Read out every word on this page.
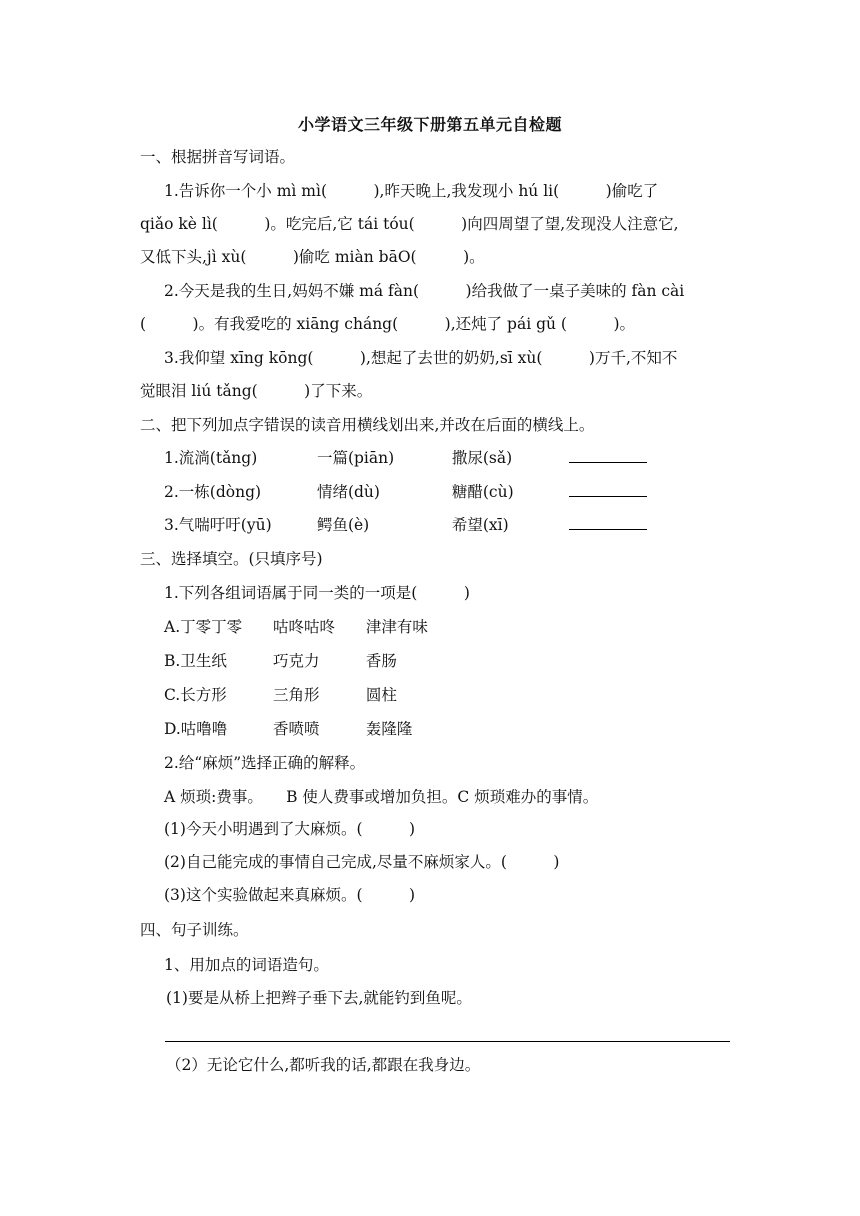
小学语文三年级下册第五单元自检题
一、根据拼音写词语。
1.告诉你一个小 mì mì(　　　),昨天晚上,我发现小 hú li(　　　)偷吃了
qiǎo kè lì(　　　)。吃完后,它 tái tóu(　　　)向四周望了望,发现没人注意它,
又低下头,jì xù(　　　)偷吃 miàn bāO(　　　)。
2.今天是我的生日,妈妈不嫌 má fàn(　　　)给我做了一桌子美味的 fàn cài
(　　　)。有我爱吃的 xiāng cháng(　　　),还炖了 pái gǔ (　　　)。
3.我仰望 xīng kōng(　　　),想起了去世的奶奶,sī xù(　　　)万千,不知不
觉眼泪 liú tǎng(　　　)了下来。
二、把下列加点字错误的读音用横线划出来,并改在后面的横线上。
1.流淌(tǎng)	一篇(piān)	撒尿(sǎ)
2.一栋(dòng)	情绪(dù)	糖醋(cù)
3.气喘吁吁(yū)	鳄鱼(è)	希望(xī)
三、选择填空。(只填序号)
1.下列各组词语属于同一类的一项是(　　　)
A.丁零丁零 咕咚咕咚 津津有味
B.卫生纸	巧克力	香肠
C.长方形	三角形	圆柱
D.咕噜噜	香喷喷	轰隆隆
2.给“麻烦”选择正确的解释。
A 烦琐:费事。　　B 使人费事或增加负担。C 烦琐难办的事情。
(1)今天小明遇到了大麻烦。(　　　)
(2)自己能完成的事情自己完成,尽量不麻烦家人。(　　　)
(3)这个实验做起来真麻烦。(　　　)
四、句子训练。
1、用加点的词语造句。
(1)要是从桥上把辫子垂下去,就能钓到鱼呢。
（2）无论它什么,都听我的话,都跟在我身边。
